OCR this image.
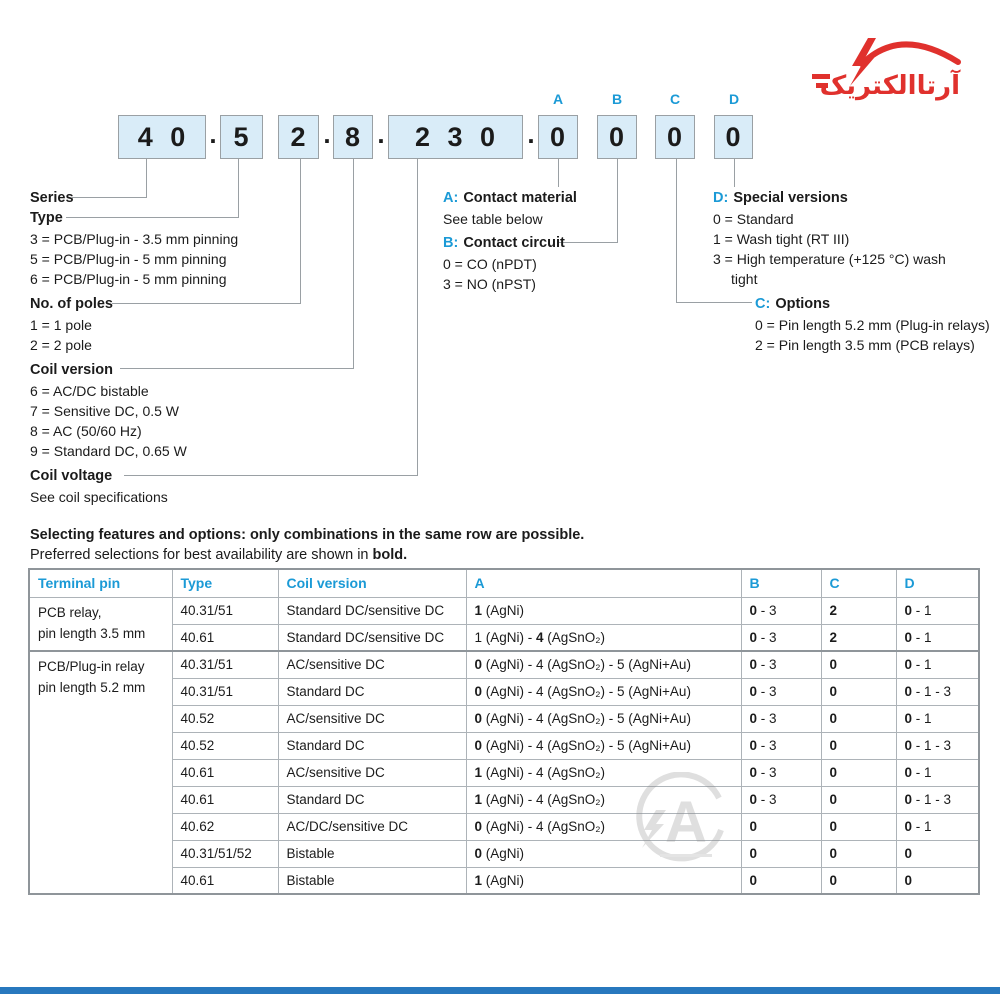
آرتاالکتریک
A	B	C	D
4 0 . 5	2 . 8 .	2 3 0	. 0	0	0	0
Series
Type
3 = PCB/Plug-in - 3.5 mm pinning
5 = PCB/Plug-in - 5 mm pinning
6 = PCB/Plug-in - 5 mm pinning
No. of poles
1 = 1 pole
2 = 2 pole
Coil version
6 = AC/DC bistable
7 = Sensitive DC, 0.5 W
8 = AC (50/60 Hz)
9 = Standard DC, 0.65 W
Coil voltage
See coil specifications
A: Contact material
See table below
B: Contact circuit
0 = CO (nPDT)
3 = NO (nPST)
D: Special versions
0 = Standard
1 = Wash tight (RT III)
3 = High temperature (+125 °C) wash
tight
C: Options
0 = Pin length 5.2 mm (Plug-in relays)
2 = Pin length 3.5 mm (PCB relays)
Selecting features and options: only combinations in the same row are possible.
Preferred selections for best availability are shown in bold.
Terminal pin	Type	Coil version	A	B	C	D

PCB relay,
pin length 3.5 mm	40.31/51	Standard DC/sensitive DC	1 (AgNi)	0 - 3	2	0 - 1
	40.61	Standard DC/sensitive DC	1 (AgNi) - 4 (AgSnO₂)	0 - 3	2	0 - 1

PCB/Plug-in relay
pin length 5.2 mm	40.31/51	AC/sensitive DC	0 (AgNi) - 4 (AgSnO₂) - 5 (AgNi+Au)	0 - 3	0	0 - 1
	40.31/51	Standard DC	0 (AgNi) - 4 (AgSnO₂) - 5 (AgNi+Au)	0 - 3	0	0 - 1 - 3
	40.52	AC/sensitive DC	0 (AgNi) - 4 (AgSnO₂) - 5 (AgNi+Au)	0 - 3	0	0 - 1
	40.52	Standard DC	0 (AgNi) - 4 (AgSnO₂) - 5 (AgNi+Au)	0 - 3	0	0 - 1 - 3
	40.61	AC/sensitive DC	1 (AgNi) - 4 (AgSnO₂)	0 - 3	0	0 - 1
	40.61	Standard DC	1 (AgNi) - 4 (AgSnO₂)	0 - 3	0	0 - 1 - 3
	40.62	AC/DC/sensitive DC	0 (AgNi) - 4 (AgSnO₂)	0	0	0 - 1
	40.31/51/52	Bistable	0 (AgNi)	0	0	0
	40.61	Bistable	1 (AgNi)	0	0	0
A
